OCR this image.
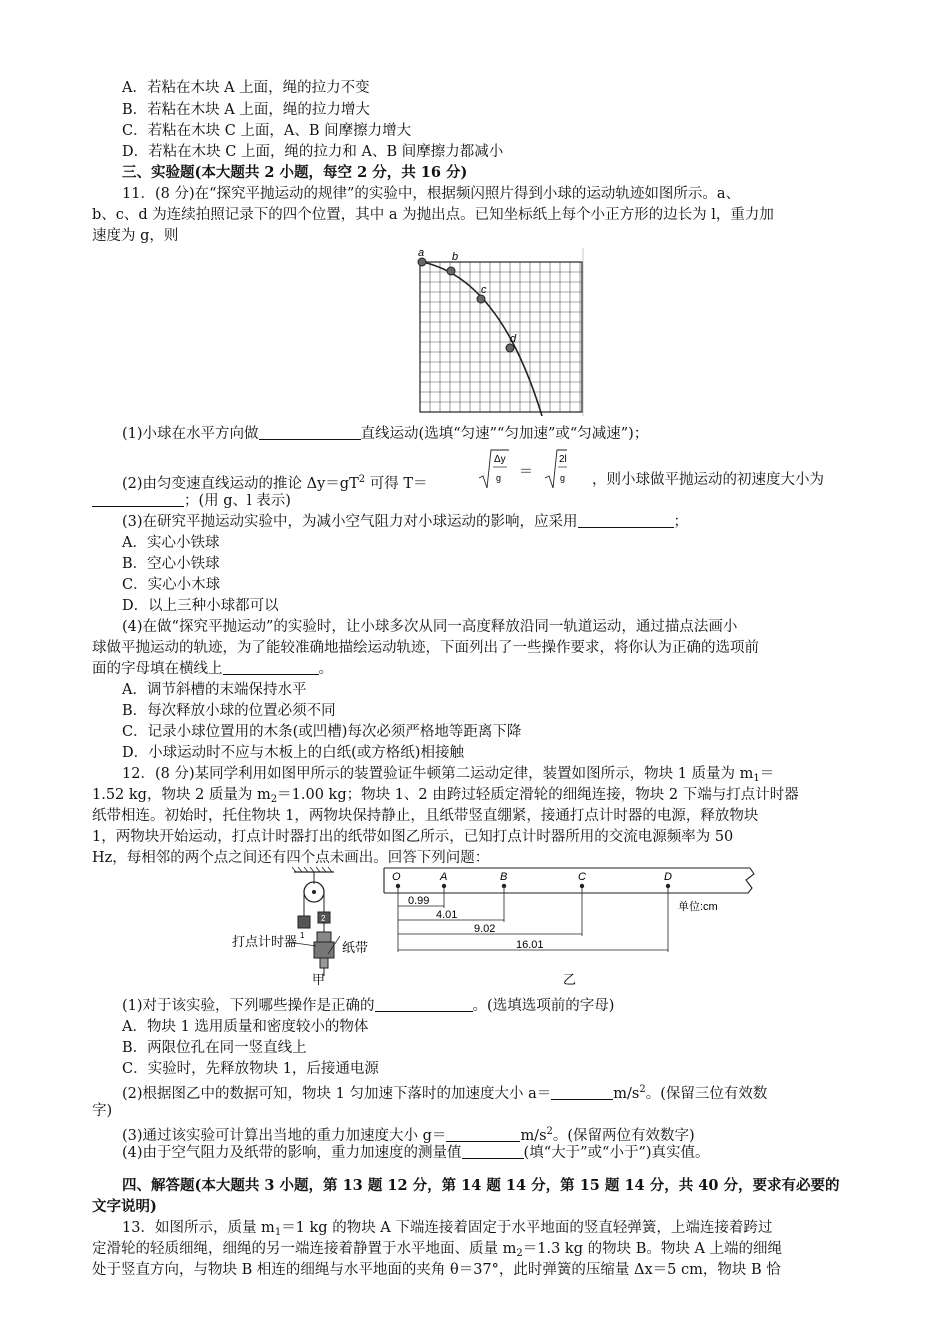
A．若粘在木块 A 上面，绳的拉力不变
B．若粘在木块 A 上面，绳的拉力增大
C．若粘在木块 C 上面，A、B 间摩擦力增大
D．若粘在木块 C 上面，绳的拉力和 A、B 间摩擦力都减小
三、实验题(本大题共 2 小题，每空 2 分，共 16 分)
11．(8 分)在“探究平抛运动的规律”的实验中，根据频闪照片得到小球的运动轨迹如图所示。a、
b、c、d 为连续拍照记录下的四个位置，其中 a 为抛出点。已知坐标纸上每个小正方形的边长为 l，重力加
速度为 g，则
a	b
c
d
(1)小球在水平方向做	直线运动(选填“匀速”“匀加速”或“匀减速”)；
(2)由匀变速直线运动的推论 $\Delta y=gT^2$ 可得 T＝
Δy
g ＝
2l
g ，则小球做平抛运动的初速度大小为
；(用 g、l 表示)
(3)在研究平抛运动实验中，为减小空气阻力对小球运动的影响，应采用	；
A．实心小铁球
B．空心小铁球
C．实心小木球
D．以上三种小球都可以
(4)在做“探究平抛运动”的实验时，让小球多次从同一高度释放沿同一轨道运动，通过描点法画小
球做平抛运动的轨迹，为了能较准确地描绘运动轨迹，下面列出了一些操作要求，将你认为正确的选项前
面的字母填在横线上	。
A．调节斜槽的末端保持水平
B．每次释放小球的位置必须不同
C．记录小球位置用的木条(或凹槽)每次必须严格地等距离下降
D．小球运动时不应与木板上的白纸(或方格纸)相接触
12．(8 分)某同学利用如图甲所示的装置验证牛顿第二运动定律，装置如图所示，物块 1 质量为 $m_1=$
1.52 kg，物块 2 质量为 $m_2=1.00$ kg；物块 1、2 由跨过轻质定滑轮的细绳连接，物块 2 下端与打点计时器
纸带相连。初始时，托住物块 1，两物块保持静止，且纸带竖直绷紧，接通打点计时器的电源，释放物块
1，两物块开始运动，打点计时器打出的纸带如图乙所示，已知打点计时器所用的交流电源频率为 50
Hz，每相邻的两个点之间还有四个点未画出。回答下列问题：
1
2
打点计时器	纸带
甲
O	A	B	C	D
0.99
4.01
9.02
16.01
单位:cm
乙
(1)对于该实验，下列哪些操作是正确的	。(选填选项前的字母)
A．物块 1 选用质量和密度较小的物体
B．两限位孔在同一竖直线上
C．实验时，先释放物块 1，后接通电源
(2)根据图乙中的数据可知，物块 1 匀加速下落时的加速度大小 a＝	$m/s^2$。(保留三位有效数
字)
(3)通过该实验可计算出当地的重力加速度大小 g＝	$m/s^2$。(保留两位有效数字)
(4)由于空气阻力及纸带的影响，重力加速度的测量值	(填“大于”或“小于”)真实值。
四、解答题(本大题共 3 小题，第 13 题 12 分，第 14 题 14 分，第 15 题 14 分，共 40 分，要求有必要的
文字说明)
13．如图所示，质量 $m_1=1$ kg 的物块 A 下端连接着固定于水平地面的竖直轻弹簧，上端连接着跨过
定滑轮的轻质细绳，细绳的另一端连接着静置于水平地面、质量 $m_2=1.3$ kg 的物块 B。物块 A 上端的细绳
处于竖直方向，与物块 B 相连的细绳与水平地面的夹角 θ＝37°，此时弹簧的压缩量 Δx＝5 cm，物块 B 恰
